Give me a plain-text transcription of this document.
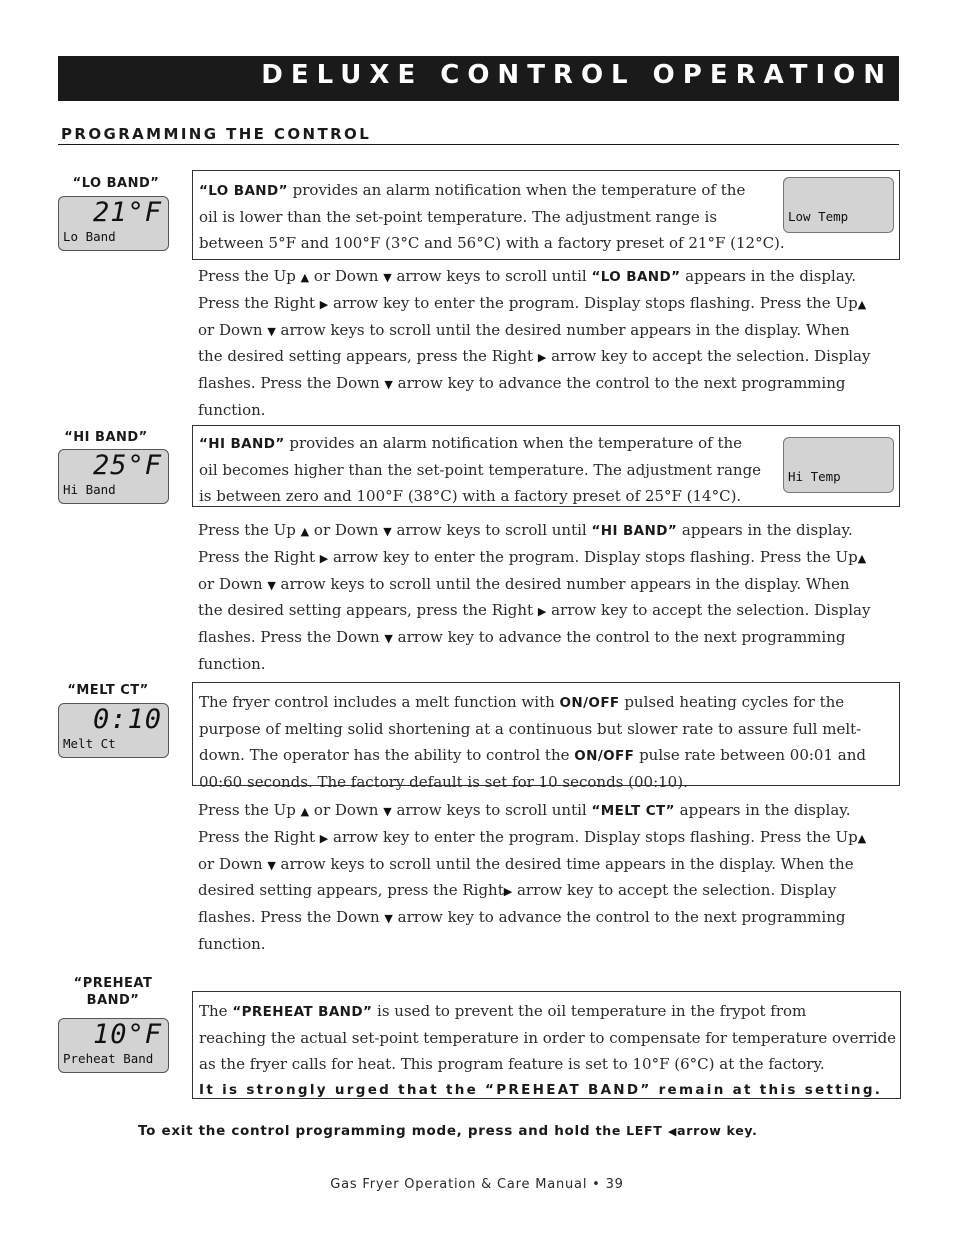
DELUXE CONTROL OPERATION
PROGRAMMING THE CONTROL
“LO BAND”
21°F
Lo Band
“LO BAND” provides an alarm notification when the temperature of the
oil is lower than the set-point temperature. The adjustment range is
between 5°F and 100°F (3°C and 56°C) with a factory preset of 21°F (12°C).
Low Temp
Press the Up ▲ or Down ▼ arrow keys to scroll until “LO BAND” appears in the display.
Press the Right ▶ arrow key to enter the program. Display stops flashing. Press the Up▲
or Down ▼ arrow keys to scroll until the desired number appears in the display. When
the desired setting appears, press the Right ▶ arrow key to accept the selection. Display
flashes. Press the Down ▼ arrow key to advance the control to the next programming
function.
“HI BAND”
25°F
Hi Band
“HI BAND” provides an alarm notification when the temperature of the
oil becomes higher than the set-point temperature. The adjustment range
is between zero and 100°F (38°C) with a factory preset of 25°F (14°C).
Hi Temp
Press the Up ▲ or Down ▼ arrow keys to scroll until “HI BAND” appears in the display.
Press the Right ▶ arrow key to enter the program. Display stops flashing. Press the Up▲
or Down ▼ arrow keys to scroll until the desired number appears in the display. When
the desired setting appears, press the Right ▶ arrow key to accept the selection. Display
flashes. Press the Down ▼ arrow key to advance the control to the next programming
function.
“MELT CT”
0:10
Melt Ct
The fryer control includes a melt function with ON/OFF pulsed heating cycles for the
purpose of melting solid shortening at a continuous but slower rate to assure full melt-
down. The operator has the ability to control the ON/OFF pulse rate between 00:01 and
00:60 seconds. The factory default is set for 10 seconds (00:10).
Press the Up ▲ or Down ▼ arrow keys to scroll until “MELT CT” appears in the display.
Press the Right ▶ arrow key to enter the program. Display stops flashing. Press the Up▲
or Down ▼ arrow keys to scroll until the desired time appears in the display. When the
desired setting appears, press the Right▶ arrow key to accept the selection. Display
flashes. Press the Down ▼ arrow key to advance the control to the next programming
function.
“PREHEAT
BAND”
10°F
Preheat Band
The “PREHEAT BAND” is used to prevent the oil temperature in the frypot from
reaching the actual set-point temperature in order to compensate for temperature override
as the fryer calls for heat. This program feature is set to 10°F (6°C) at the factory.
It is strongly urged that the “PREHEAT BAND” remain at this setting.
To exit the control programming mode, press and hold the LEFT ◀arrow key.
Gas Fryer Operation & Care Manual • 39
